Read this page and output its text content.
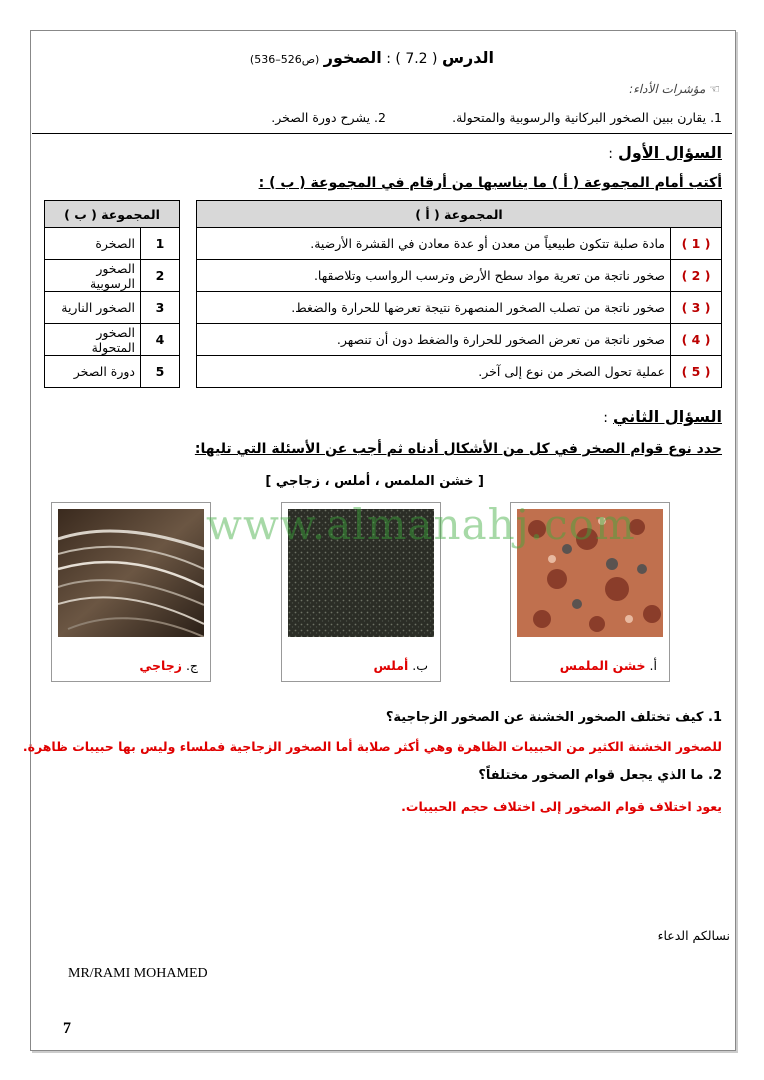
الدرس ( 7.2 ) : الصخور (ص526–536)
☜ مؤشرات الأداء:
1. يقارن ببين الصخور البركانية والرسوبية والمتحولة.
2. يشرح دورة الصخر.
السؤال الأول :
أكتب أمام المجموعة ( أ ) ما يناسبها من أرقام في المجموعة ( ب ) :
المجموعة ( أ )	
( 1 )	مادة صلبة تتكون طبيعياً من معدن أو عدة معادن في القشرة الأرضية.
( 2 )	صخور ناتجة من تعرية مواد سطح الأرض وترسب الرواسب وتلاصقها.
( 3 )	صخور ناتجة من تصلب الصخور المنصهرة نتيجة تعرضها للحرارة والضغط.
( 4 )	صخور ناتجة من تعرض الصخور للحرارة والضغط دون أن تنصهر.
( 5 )	عملية تحول الصخر من نوع إلى آخر.
المجموعة ( ب )	
1	الصخرة
2	الصخور الرسوبية
3	الصخور النارية
4	الصخور المتحولة
5	دورة الصخر
السؤال الثاني :
حدد نوع قوام الصخر في كل من الأشكال أدناه ثم أجب عن الأسئلة التي تليها:
[ خشن الملمس ، أملس ، زجاجي ]
ج. زجاجي	ب. أملس	أ. خشن الملمس
www.almanahj.com
1. كيف تختلف الصخور الخشنة عن الصخور الزجاجية؟
للصخور الخشنة الكثير من الحبيبات الظاهرة وهي أكثر صلابة أما الصخور الزجاجية فملساء وليس بها حبيبات ظاهرة.
2. ما الذي يجعل قوام الصخور مختلفاً؟
يعود اختلاف قوام الصخور إلى اختلاف حجم الحبيبات.
نسالكم الدعاء
MR/RAMI MOHAMED
7
